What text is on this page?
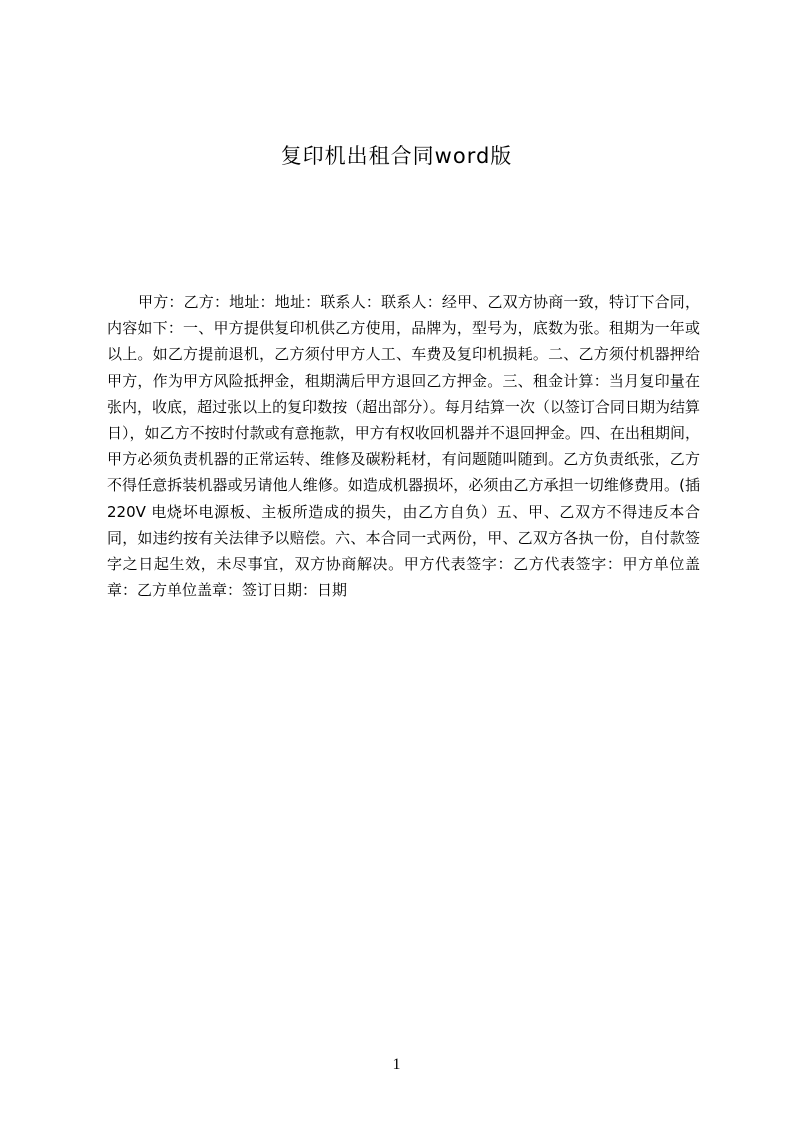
复印机出租合同word版

甲方：乙方：地址：地址：联系人：联系人：经甲、乙双方协商一致，特订下合同，内容如下：一、甲方提供复印机供乙方使用，品牌为，型号为，底数为张。租期为一年或以上。如乙方提前退机，乙方须付甲方人工、车费及复印机损耗。二、乙方须付机器押给甲方，作为甲方风险抵押金，租期满后甲方退回乙方押金。三、租金计算：当月复印量在张内，收底，超过张以上的复印数按（超出部分）。每月结算一次（以签订合同日期为结算日），如乙方不按时付款或有意拖款，甲方有权收回机器并不退回押金。四、在出租期间，甲方必须负责机器的正常运转、维修及碳粉耗材，有问题随叫随到。乙方负责纸张，乙方不得任意拆装机器或另请他人维修。如造成机器损坏，必须由乙方承担一切维修费用。(插 220V 电烧坏电源板、主板所造成的损失，由乙方自负）五、甲、乙双方不得违反本合同，如违约按有关法律予以赔偿。六、本合同一式两份，甲、乙双方各执一份，自付款签字之日起生效，未尽事宜，双方协商解决。甲方代表签字：乙方代表签字：甲方单位盖章：乙方单位盖章：签订日期：日期

1
